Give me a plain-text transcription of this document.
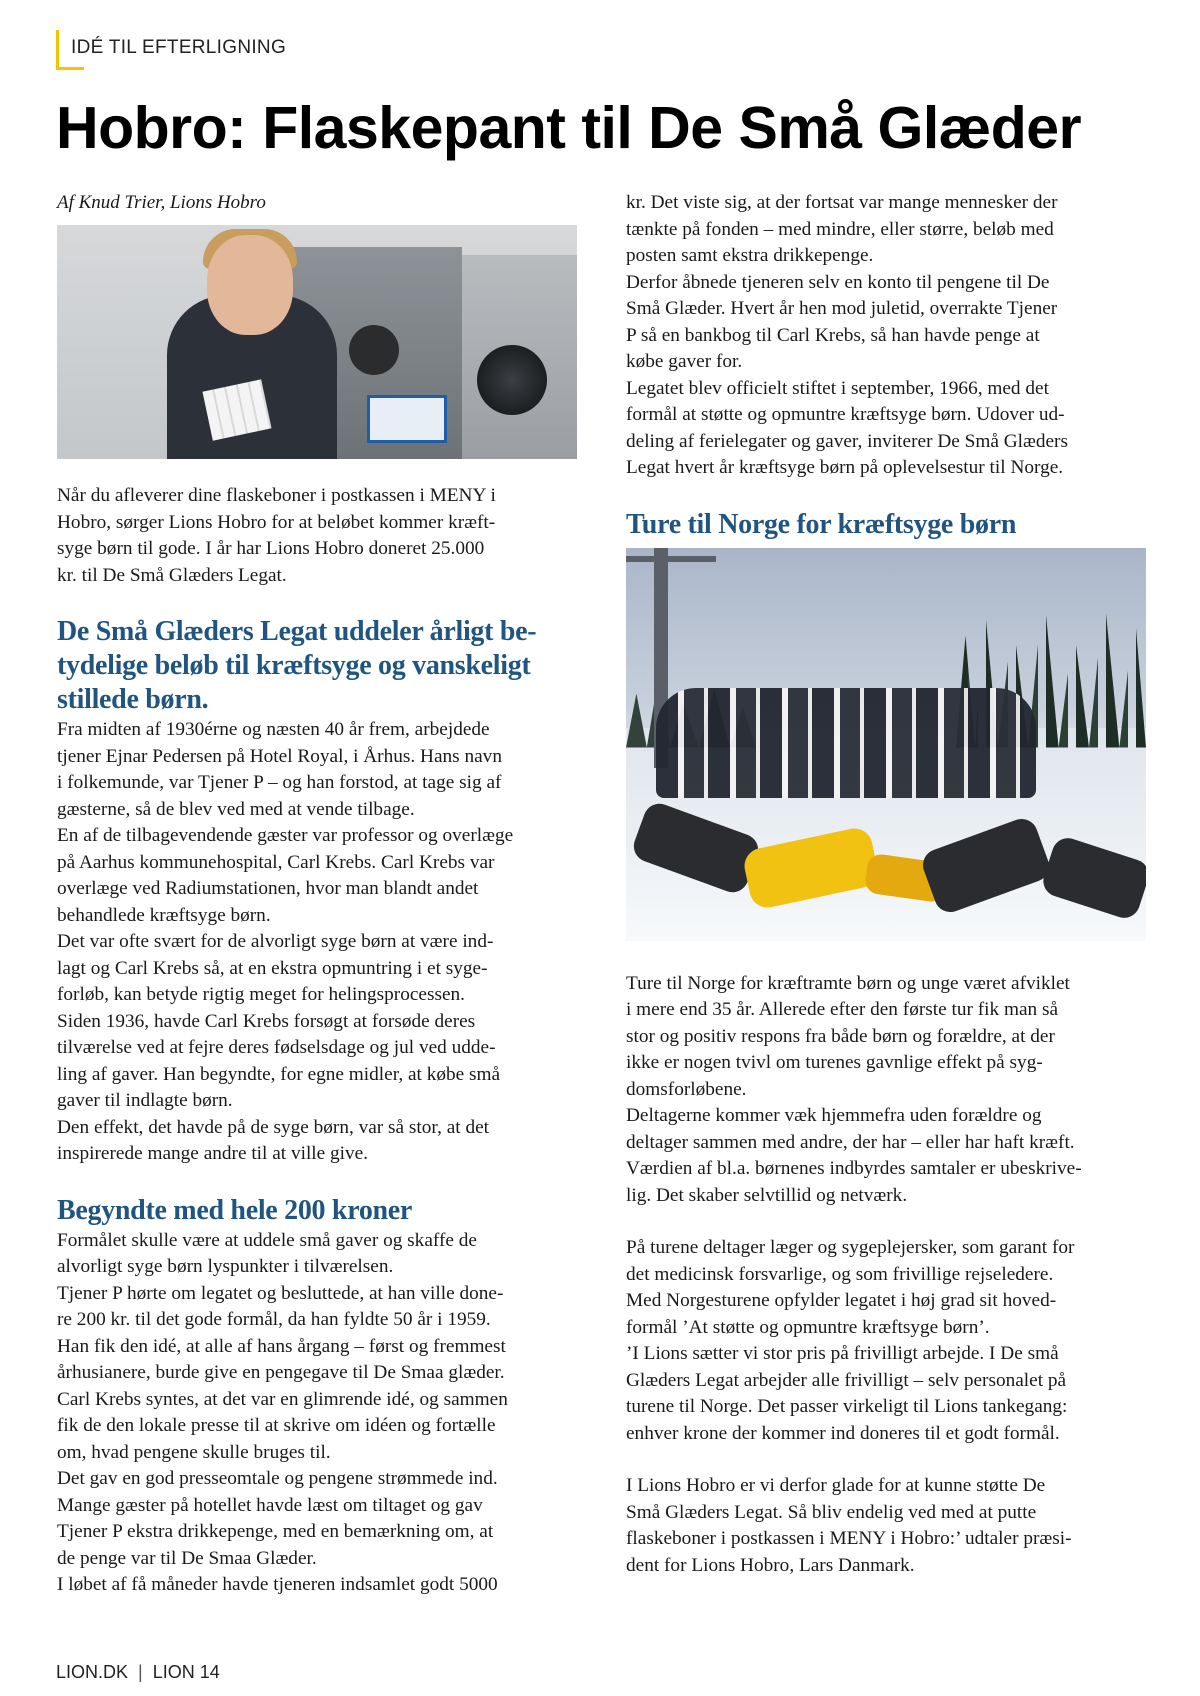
IDÉ TIL EFTERLIGNING
Hobro: Flaskepant til De Små Glæder
Af Knud Trier, Lions Hobro

Når du afleverer dine flaskeboner i postkassen i MENY i

Hobro, sørger Lions Hobro for at beløbet kommer kræft-

syge børn til gode. I år har Lions Hobro doneret 25.000

kr. til De Små Glæders Legat.

De Små Glæders Legat uddeler årligt be-
tydelige beløb til kræftsyge og vanskeligt
stillede børn.

Fra midten af 1930érne og næsten 40 år frem, arbejdede

tjener Ejnar Pedersen på Hotel Royal, i Århus. Hans navn

i folkemunde, var Tjener P – og han forstod, at tage sig af

gæsterne, så de blev ved med at vende tilbage.

En af de tilbagevendende gæster var professor og overlæge

på Aarhus kommunehospital, Carl Krebs. Carl Krebs var

overlæge ved Radiumstationen, hvor man blandt andet

behandlede kræftsyge børn.

Det var ofte svært for de alvorligt syge børn at være ind-

lagt og Carl Krebs så, at en ekstra opmuntring i et syge-

forløb, kan betyde rigtig meget for helingsprocessen.

Siden 1936, havde Carl Krebs forsøgt at forsøde deres

tilværelse ved at fejre deres fødselsdage og jul ved udde-

ling af gaver. Han begyndte, for egne midler, at købe små

gaver til indlagte børn.

Den effekt, det havde på de syge børn, var så stor, at det

inspirerede mange andre til at ville give.

Begyndte med hele 200 kroner

Formålet skulle være at uddele små gaver og skaffe de

alvorligt syge børn lyspunkter i tilværelsen.

Tjener P hørte om legatet og besluttede, at han ville done-

re 200 kr. til det gode formål, da han fyldte 50 år i 1959.

Han fik den idé, at alle af hans årgang – først og fremmest

århusianere, burde give en pengegave til De Smaa glæder.

Carl Krebs syntes, at det var en glimrende idé, og sammen

fik de den lokale presse til at skrive om idéen og fortælle

om, hvad pengene skulle bruges til.

Det gav en god presseomtale og pengene strømmede ind.

Mange gæster på hotellet havde læst om tiltaget og gav

Tjener P ekstra drikkepenge, med en bemærkning om, at

de penge var til De Smaa Glæder.

I løbet af få måneder havde tjeneren indsamlet godt 5000

kr. Det viste sig, at der fortsat var mange mennesker der

tænkte på fonden – med mindre, eller større, beløb med

posten samt ekstra drikkepenge.

Derfor åbnede tjeneren selv en konto til pengene til De

Små Glæder. Hvert år hen mod juletid, overrakte Tjener

P så en bankbog til Carl Krebs, så han havde penge at

købe gaver for.

Legatet blev officielt stiftet i september, 1966, med det

formål at støtte og opmuntre kræftsyge børn. Udover ud-

deling af ferielegater og gaver, inviterer De Små Glæders

Legat hvert år kræftsyge børn på oplevelsestur til Norge.

Ture til Norge for kræftsyge børn

Ture til Norge for kræftramte børn og unge været afviklet

i mere end 35 år. Allerede efter den første tur fik man så

stor og positiv respons fra både børn og forældre, at der

ikke er nogen tvivl om turenes gavnlige effekt på syg-

domsforløbene.

Deltagerne kommer væk hjemmefra uden forældre og

deltager sammen med andre, der har – eller har haft kræft.

Værdien af bl.a. børnenes indbyrdes samtaler er ubeskrive-

lig. Det skaber selvtillid og netværk.

På turene deltager læger og sygeplejersker, som garant for

det medicinsk forsvarlige, og som frivillige rejseledere.

Med Norgesturene opfylder legatet i høj grad sit hoved-

formål ’At støtte og opmuntre kræftsyge børn’.

’I Lions sætter vi stor pris på frivilligt arbejde. I De små

Glæders Legat arbejder alle frivilligt – selv personalet på

turene til Norge. Det passer virkeligt til Lions tankegang:

enhver krone der kommer ind doneres til et godt formål.

I Lions Hobro er vi derfor glade for at kunne støtte De

Små Glæders Legat. Så bliv endelig ved med at putte

flaskeboner i postkassen i MENY i Hobro:’ udtaler præsi-

dent for Lions Hobro, Lars Danmark.

LION.DK | LION 14
